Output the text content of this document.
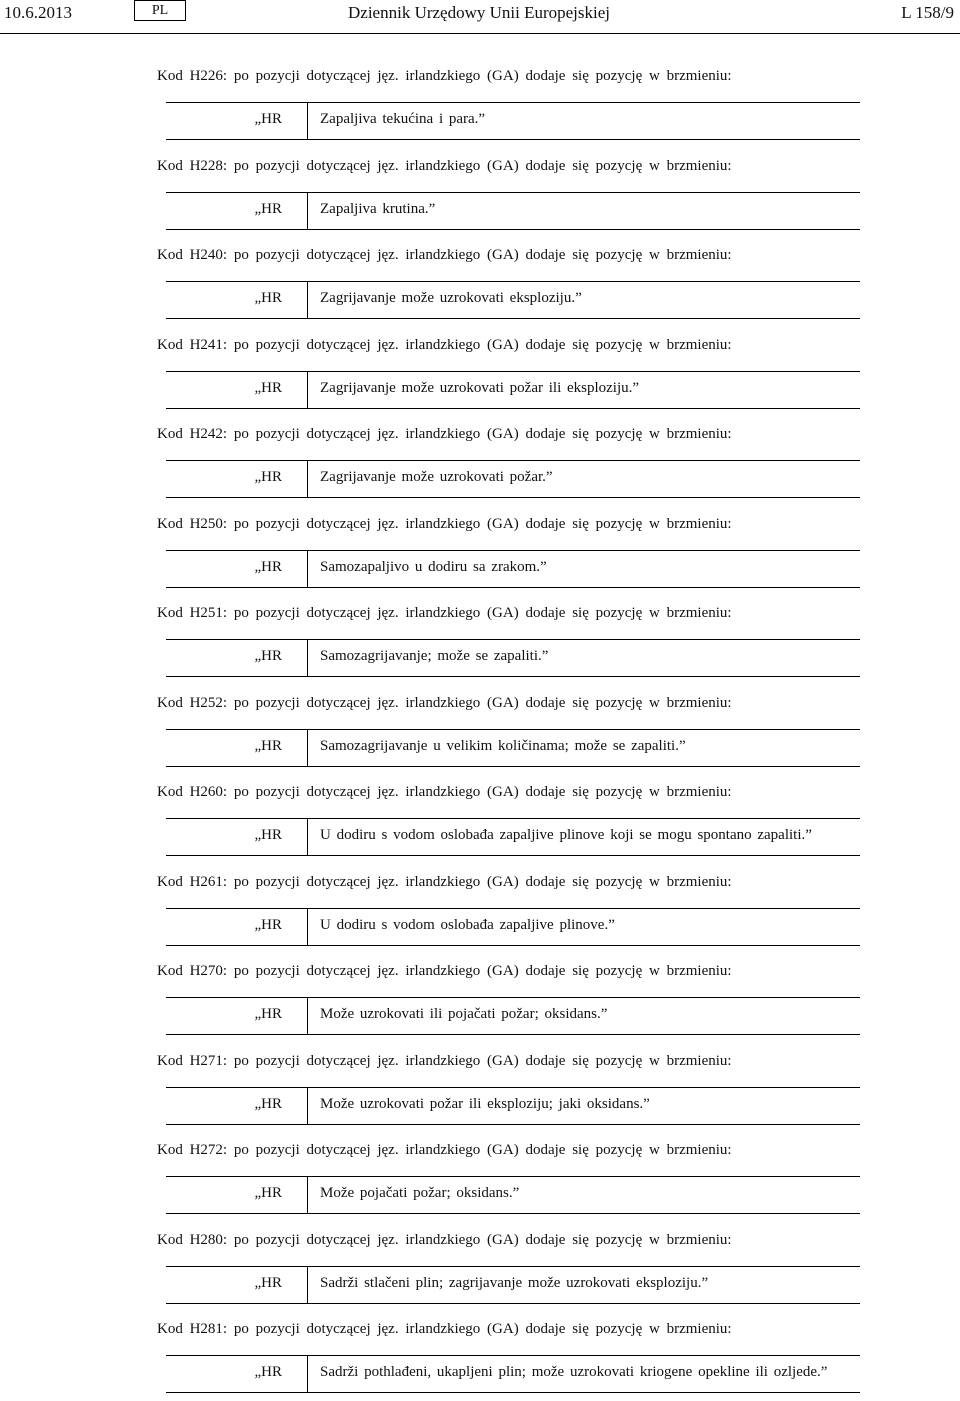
10.6.2013	PL	Dziennik Urzędowy Unii Europejskiej	L 158/9
Kod H226: po pozycji dotyczącej jęz. irlandzkiego (GA) dodaje się pozycję w brzmieniu:
„HR	Zapaljiva tekućina i para.”
Kod H228: po pozycji dotyczącej jęz. irlandzkiego (GA) dodaje się pozycję w brzmieniu:
„HR	Zapaljiva krutina.”
Kod H240: po pozycji dotyczącej jęz. irlandzkiego (GA) dodaje się pozycję w brzmieniu:
„HR	Zagrijavanje može uzrokovati eksploziju.”
Kod H241: po pozycji dotyczącej jęz. irlandzkiego (GA) dodaje się pozycję w brzmieniu:
„HR	Zagrijavanje može uzrokovati požar ili eksploziju.”
Kod H242: po pozycji dotyczącej jęz. irlandzkiego (GA) dodaje się pozycję w brzmieniu:
„HR	Zagrijavanje može uzrokovati požar.”
Kod H250: po pozycji dotyczącej jęz. irlandzkiego (GA) dodaje się pozycję w brzmieniu:
„HR	Samozapaljivo u dodiru sa zrakom.”
Kod H251: po pozycji dotyczącej jęz. irlandzkiego (GA) dodaje się pozycję w brzmieniu:
„HR	Samozagrijavanje; može se zapaliti.”
Kod H252: po pozycji dotyczącej jęz. irlandzkiego (GA) dodaje się pozycję w brzmieniu:
„HR	Samozagrijavanje u velikim količinama; može se zapaliti.”
Kod H260: po pozycji dotyczącej jęz. irlandzkiego (GA) dodaje się pozycję w brzmieniu:
„HR	U dodiru s vodom oslobađa zapaljive plinove koji se mogu spontano zapaliti.”
Kod H261: po pozycji dotyczącej jęz. irlandzkiego (GA) dodaje się pozycję w brzmieniu:
„HR	U dodiru s vodom oslobađa zapaljive plinove.”
Kod H270: po pozycji dotyczącej jęz. irlandzkiego (GA) dodaje się pozycję w brzmieniu:
„HR	Može uzrokovati ili pojačati požar; oksidans.”
Kod H271: po pozycji dotyczącej jęz. irlandzkiego (GA) dodaje się pozycję w brzmieniu:
„HR	Može uzrokovati požar ili eksploziju; jaki oksidans.”
Kod H272: po pozycji dotyczącej jęz. irlandzkiego (GA) dodaje się pozycję w brzmieniu:
„HR	Može pojačati požar; oksidans.”
Kod H280: po pozycji dotyczącej jęz. irlandzkiego (GA) dodaje się pozycję w brzmieniu:
„HR	Sadrži stlačeni plin; zagrijavanje može uzrokovati eksploziju.”
Kod H281: po pozycji dotyczącej jęz. irlandzkiego (GA) dodaje się pozycję w brzmieniu:
„HR	Sadrži pothlađeni, ukapljeni plin; može uzrokovati kriogene opekline ili ozljede.”
